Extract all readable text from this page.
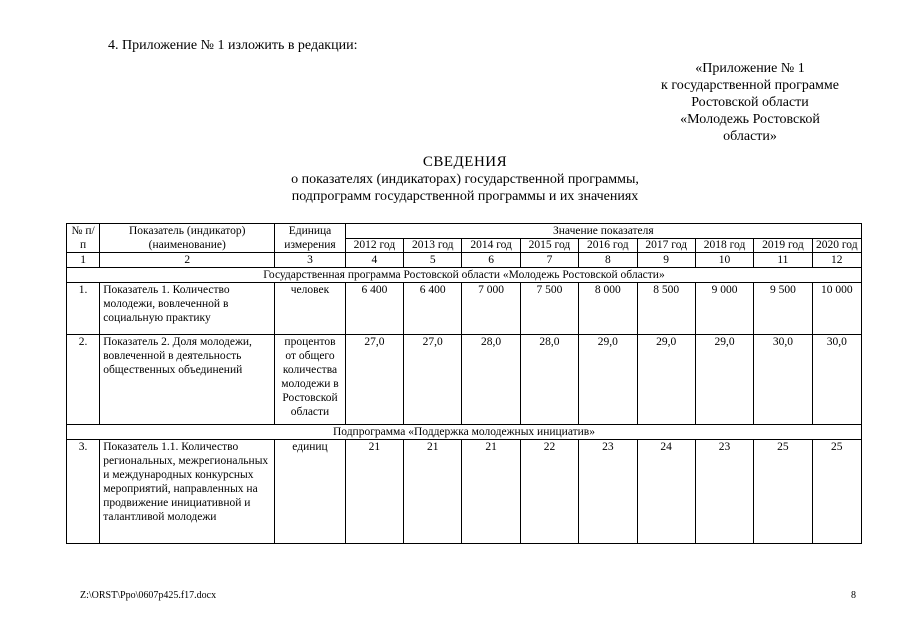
4. Приложение № 1 изложить в редакции:
«Приложение № 1
к государственной программе
Ростовской области
«Молодежь Ростовской
области»
СВЕДЕНИЯ
о показателях (индикаторах) государственной программы,
подпрограмм государственной программы и их значениях
№ п/п	Показатель (индикатор) (наименование)	Единица измерения	Значение показателя								
			2012 год	2013 год	2014 год	2015 год	2016 год	2017 год	2018 год	2019 год	2020 год
1	2	3	4	5	6	7	8	9	10	11	12
Государственная программа Ростовской области «Молодежь Ростовской области»											
1.	Показатель 1. Количество молодежи, вовлеченной в социальную практику	человек	6 400	6 400	7 000	7 500	8 000	8 500	9 000	9 500	10 000
2.	Показатель 2. Доля молодежи, вовлеченной в деятельность общественных объединений	процентов от общего количества молодежи в Ростовской области	27,0	27,0	28,0	28,0	29,0	29,0	29,0	30,0	30,0
Подпрограмма «Поддержка молодежных инициатив»											
3.	Показатель 1.1. Количество региональных, межрегиональных и международных конкурсных мероприятий, направленных на продвижение инициативной и талантливой молодежи	единиц	21	21	21	22	23	24	23	25	25
Z:\ORST\Ppo\0607p425.f17.docx	8
